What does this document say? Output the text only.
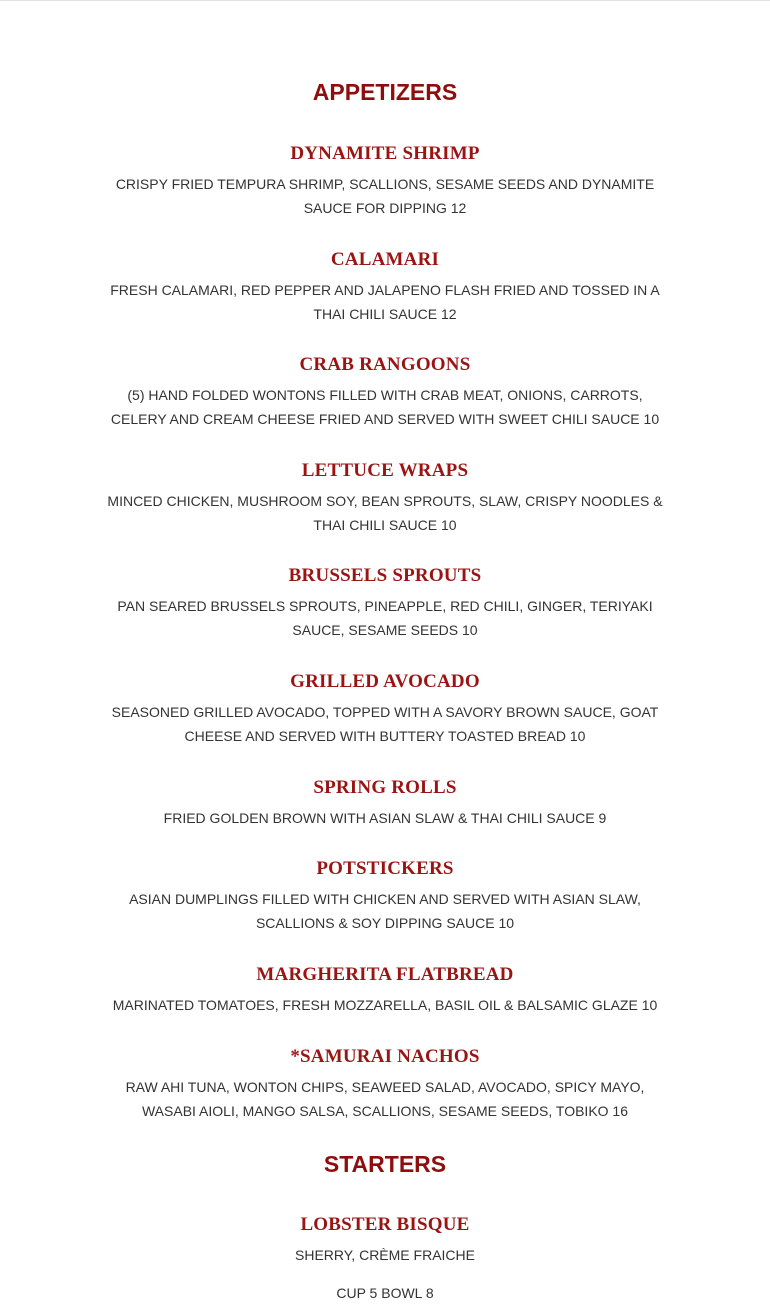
APPETIZERS
DYNAMITE SHRIMP

CRISPY FRIED TEMPURA SHRIMP, SCALLIONS, SESAME SEEDS AND DYNAMITE SAUCE FOR DIPPING 12

CALAMARI

FRESH CALAMARI, RED PEPPER AND JALAPENO FLASH FRIED AND TOSSED IN A THAI CHILI SAUCE 12

CRAB RANGOONS

(5) HAND FOLDED WONTONS FILLED WITH CRAB MEAT, ONIONS, CARROTS, CELERY AND CREAM CHEESE FRIED AND SERVED WITH SWEET CHILI SAUCE 10

LETTUCE WRAPS

MINCED CHICKEN, MUSHROOM SOY, BEAN SPROUTS, SLAW, CRISPY NOODLES & THAI CHILI SAUCE 10

BRUSSELS SPROUTS

PAN SEARED BRUSSELS SPROUTS, PINEAPPLE, RED CHILI, GINGER, TERIYAKI SAUCE, SESAME SEEDS 10

GRILLED AVOCADO

SEASONED GRILLED AVOCADO, TOPPED WITH A SAVORY BROWN SAUCE, GOAT CHEESE AND SERVED WITH BUTTERY TOASTED BREAD 10

SPRING ROLLS

FRIED GOLDEN BROWN WITH ASIAN SLAW & THAI CHILI SAUCE 9

POTSTICKERS

ASIAN DUMPLINGS FILLED WITH CHICKEN AND SERVED WITH ASIAN SLAW, SCALLIONS & SOY DIPPING SAUCE 10

MARGHERITA FLATBREAD

MARINATED TOMATOES, FRESH MOZZARELLA, BASIL OIL & BALSAMIC GLAZE 10

*SAMURAI NACHOS

RAW AHI TUNA, WONTON CHIPS, SEAWEED SALAD, AVOCADO, SPICY MAYO, WASABI AIOLI, MANGO SALSA, SCALLIONS, SESAME SEEDS, TOBIKO 16

STARTERS
LOBSTER BISQUE

SHERRY, CRÈME FRAICHE

CUP 5 BOWL 8
